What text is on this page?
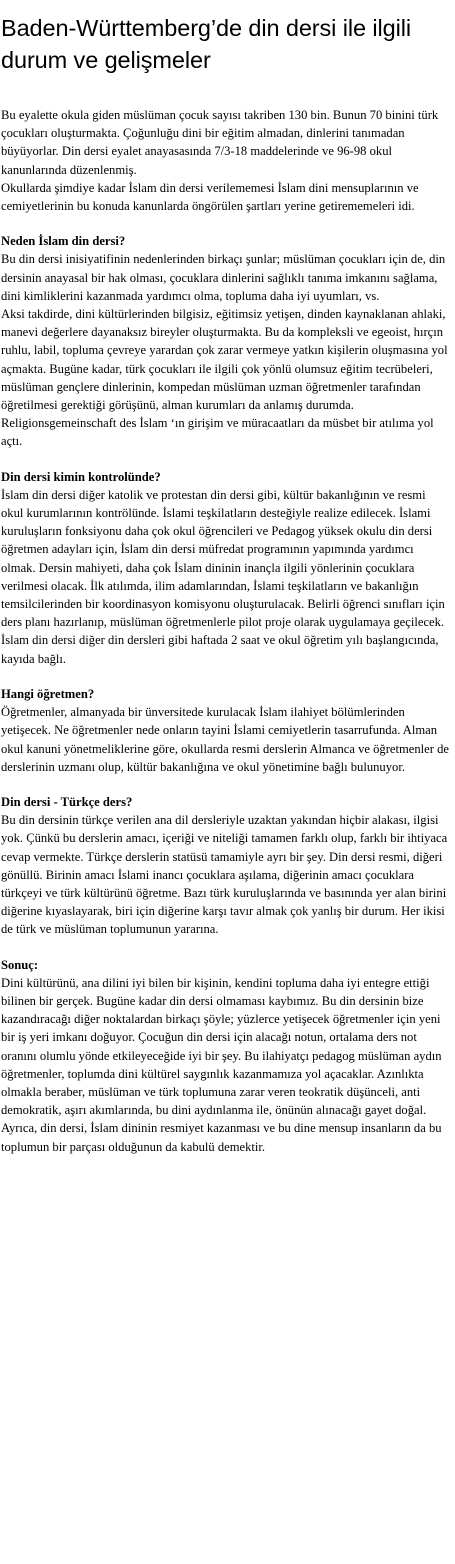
Baden-Württemberg’de din dersi ile ilgili durum ve gelişmeler

Bu eyalette okula giden müslüman çocuk sayısı takriben 130 bin. Bunun 70 binini türk çocukları oluşturmakta. Çoğunluğu dini bir eğitim almadan, dinlerini tanımadan büyüyorlar. Din dersi eyalet anayasasında 7/3-18 maddelerinde ve 96-98 okul kanunlarında düzenlenmiş.

Okullarda şimdiye kadar İslam din dersi verilememesi İslam dini mensuplarının ve cemiyetlerinin bu konuda kanunlarda öngörülen şartları yerine getirememeleri idi.

Neden İslam din dersi?

Bu din dersi inisiyatifinin nedenlerinden birkaçı şunlar; müslüman çocukları için de, din dersinin anayasal bir hak olması, çocuklara dinlerini sağlıklı tanıma imkanını sağlama, dini kimliklerini kazanmada yardımcı olma, topluma daha iyi uyumları, vs.

Aksi takdirde, dini kültürlerinden bilgisiz, eğitimsiz yetişen, dinden kaynaklanan ahlaki, manevi değerlere dayanaksız bireyler oluşturmakta. Bu da kompleksli ve egeoist, hırçın ruhlu, labil, topluma çevreye yarardan çok zarar vermeye yatkın kişilerin oluşmasına yol açmakta. Bugüne kadar, türk çocukları ile ilgili çok yönlü olumsuz eğitim tecrübeleri, müslüman gençlere dinlerinin, kompedan müslüman uzman öğretmenler tarafından öğretilmesi gerektiği görüşünü, alman kurumları da anlamış durumda. Religionsgemeinschaft des İslam ‘ın girişim ve müracaatları da müsbet bir atılıma yol açtı.

Din dersi kimin kontrolünde?

İslam din dersi diğer katolik ve protestan din dersi gibi, kültür bakanlığının ve resmi okul kurumlarının kontrölünde. İslami teşkilatların desteğiyle realize edilecek. İslami kuruluşların fonksiyonu daha çok okul öğrencileri ve Pedagog yüksek okulu din dersi öğretmen adayları için, İslam din dersi müfredat programının yapımında yardımcı olmak. Dersin mahiyeti, daha çok İslam dininin inançla ilgili yönlerinin çocuklara verilmesi olacak. İlk atılımda, ilim adamlarından, İslami teşkilatların ve bakanlığın temsilcilerinden bir koordinasyon komisyonu oluşturulacak. Belirli öğrenci sınıfları için ders planı hazırlanıp, müslüman öğretmenlerle pilot proje olarak uygulamaya geçilecek. İslam din dersi diğer din dersleri gibi haftada 2 saat ve okul öğretim yılı başlangıcında, kayıda bağlı.

Hangi öğretmen?

Öğretmenler, almanyada bir ünversitede kurulacak İslam ilahiyet bölümlerinden yetişecek. Ne öğretmenler nede onların tayini İslami cemiyetlerin tasarrufunda. Alman okul kanuni yönetmeliklerine göre, okullarda resmi derslerin Almanca ve öğretmenler de derslerinin uzmanı olup, kültür bakanlığına ve okul yönetimine bağlı bulunuyor.

Din dersi - Türkçe ders?

Bu din dersinin türkçe verilen ana dil dersleriyle uzaktan yakından hiçbir alakası, ilgisi yok. Çünkü bu derslerin amacı, içeriği ve niteliği tamamen farklı olup, farklı bir ihtiyaca cevap vermekte. Türkçe derslerin statüsü tamamiyle ayrı bir şey. Din dersi resmi, diğeri gönüllü. Birinin amacı İslami inancı çocuklara aşılama, diğerinin amacı çocuklara türkçeyi ve türk kültürünü öğretme. Bazı türk kuruluşlarında ve basınında yer alan birini diğerine kıyaslayarak, biri için diğerine karşı tavır almak çok yanlış bir durum. Her ikisi de türk ve müslüman toplumunun yararına.

Sonuç:

Dini kültürünü, ana dilini iyi bilen bir kişinin, kendini topluma daha iyi entegre ettiği bilinen bir gerçek. Bugüne kadar din dersi olmaması kaybımız. Bu din dersinin bize kazandıracağı diğer noktalardan birkaçı şöyle; yüzlerce yetişecek öğretmenler için yeni bir iş yeri imkanı doğuyor. Çocuğun din dersi için alacağı notun, ortalama ders not oranını olumlu yönde etkileyeceğide iyi bir şey. Bu ilahiyatçı pedagog müslüman aydın öğretmenler, toplumda dini kültürel saygınlık kazanmamıza yol açacaklar. Azınlıkta olmakla beraber, müslüman ve türk toplumuna zarar veren teokratik düşünceli, anti demokratik, aşırı akımlarında, bu dini aydınlanma ile, önünün alınacağı gayet doğal. Ayrıca, din dersi, İslam dininin resmiyet kazanması ve bu dine mensup insanların da bu toplumun bir parçası olduğunun da kabulü demektir.
